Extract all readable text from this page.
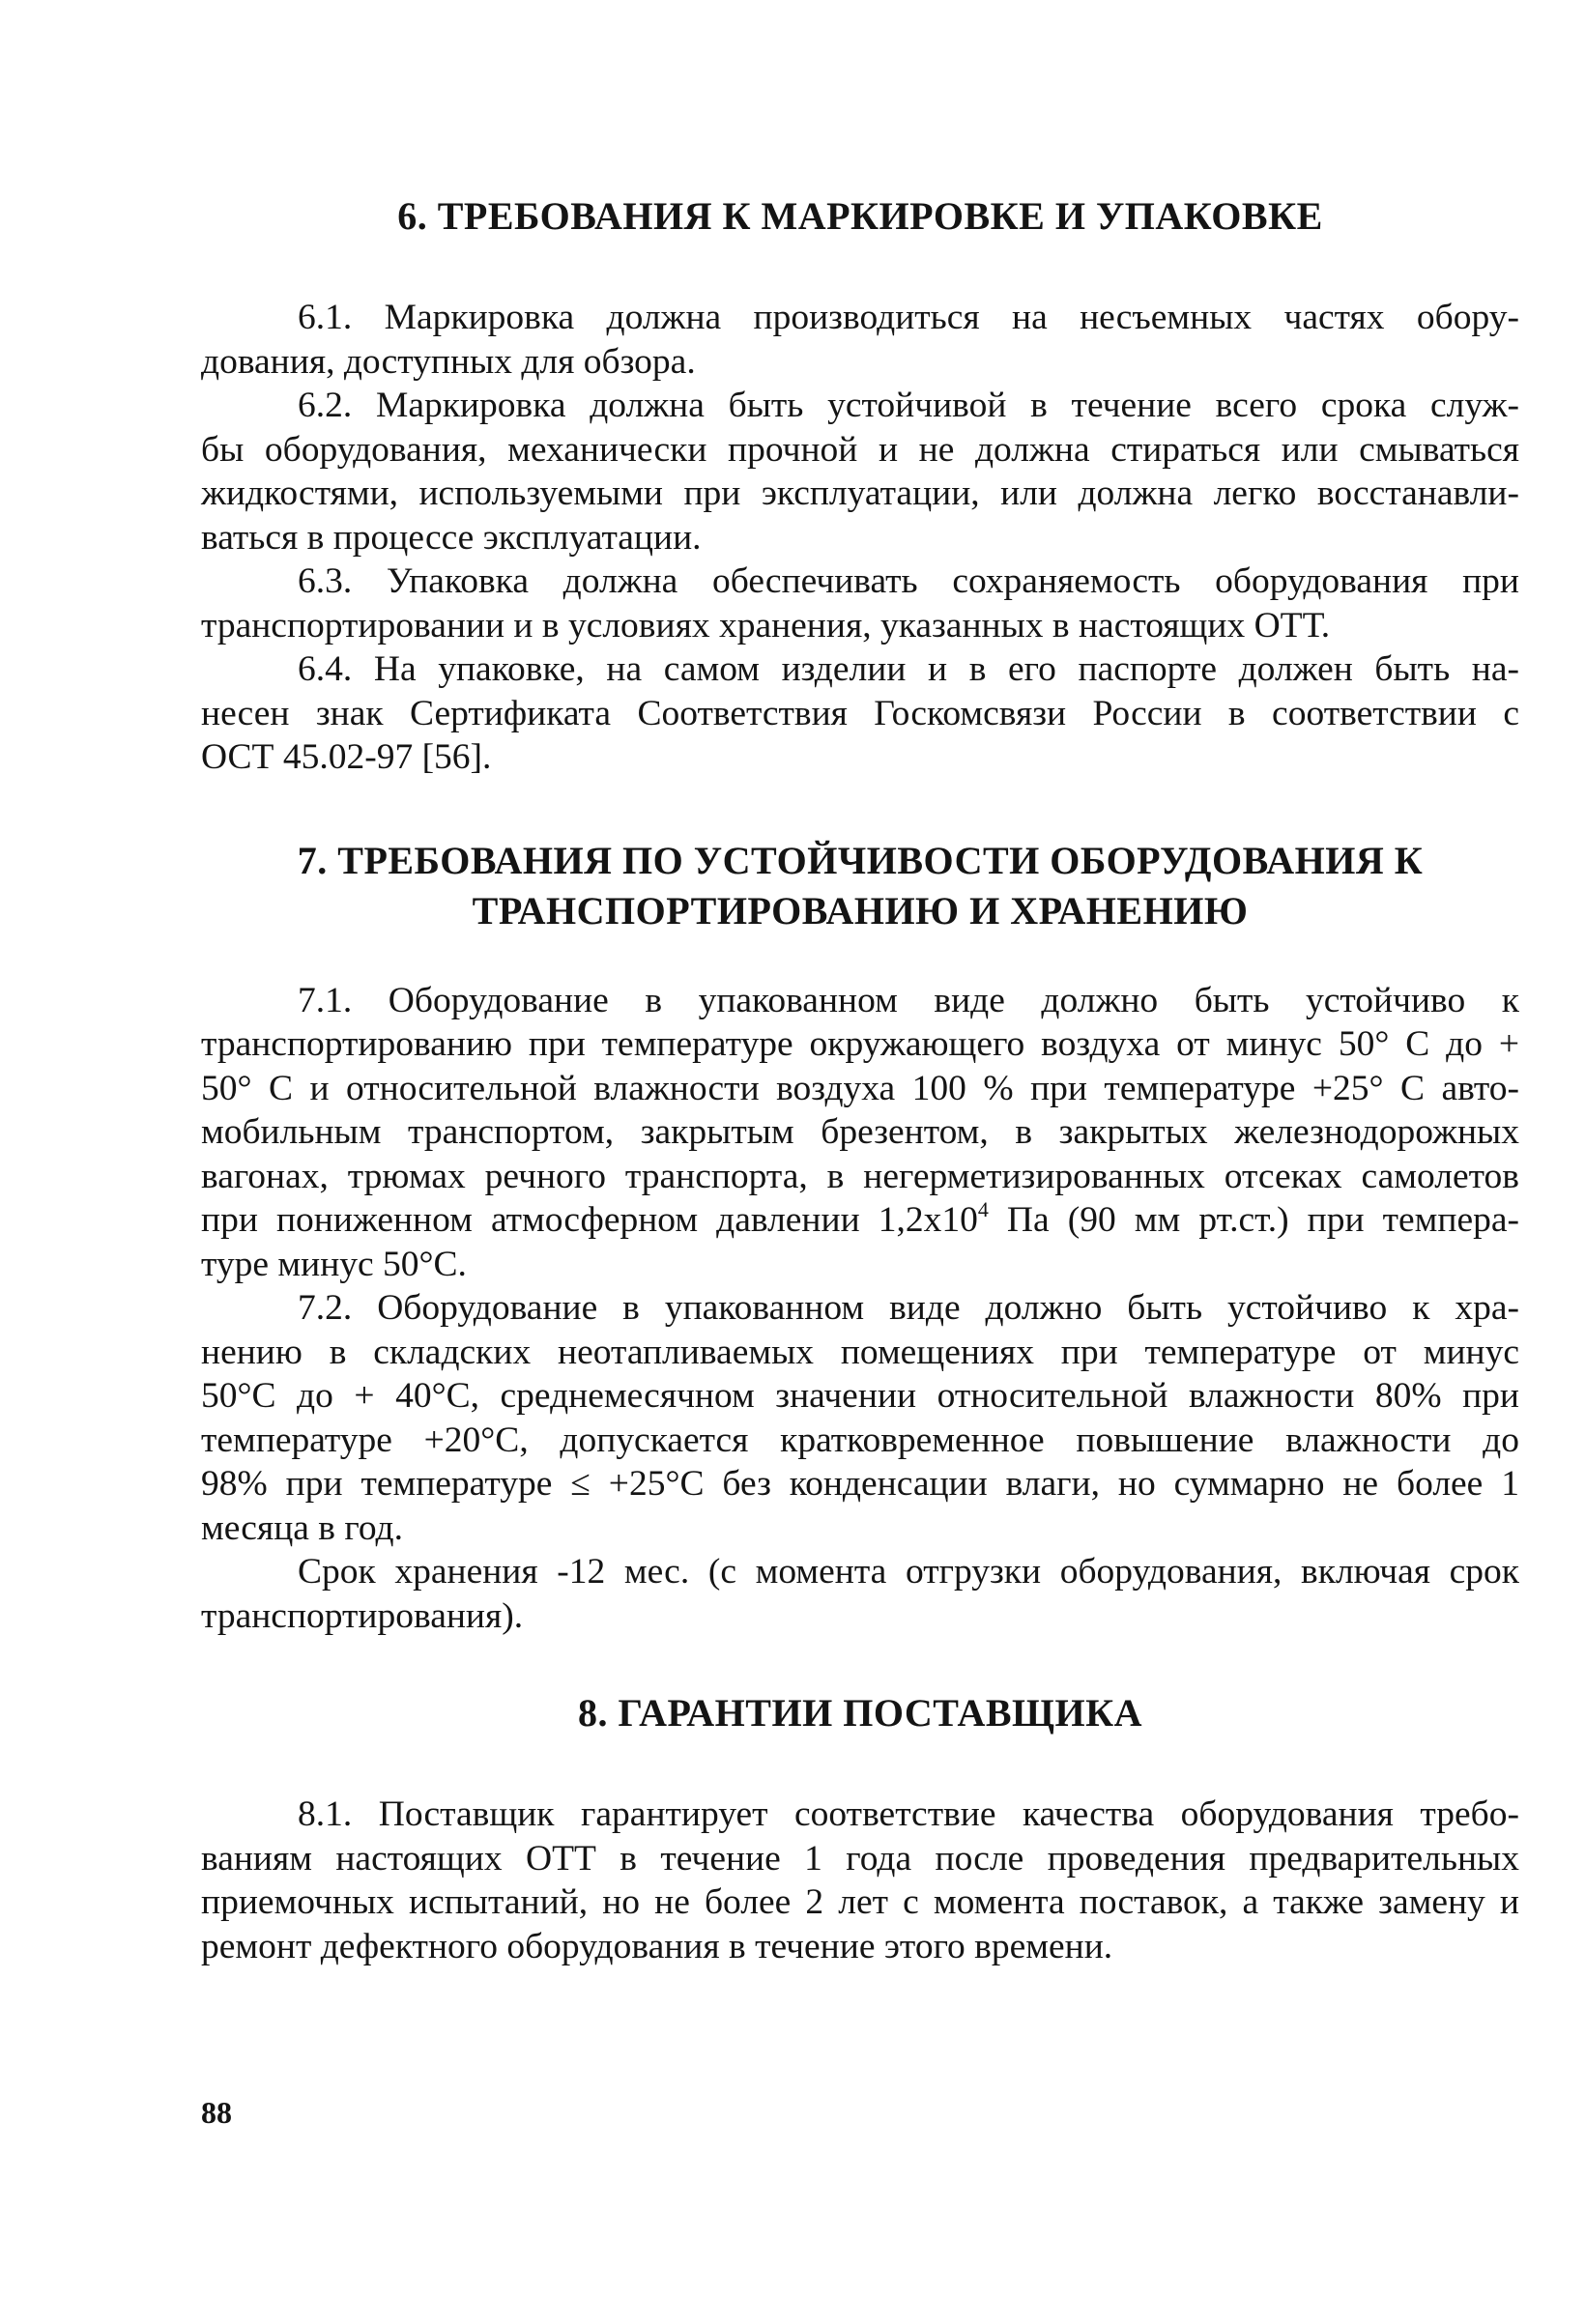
6. ТРЕБОВАНИЯ К МАРКИРОВКЕ И УПАКОВКЕ

6.1. Маркировка должна производиться на несъемных частях обору-
дования, доступных для обзора.

6.2. Маркировка должна быть устойчивой в течение всего срока служ-
бы оборудования, механически прочной и не должна стираться или смываться
жидкостями, используемыми при эксплуатации, или должна легко восстанавли-
ваться в процессе эксплуатации.

6.3. Упаковка должна обеспечивать сохраняемость оборудования при
транспортировании и в условиях хранения, указанных в настоящих ОТТ.

6.4. На упаковке, на самом изделии и в его паспорте должен быть на-
несен знак Сертификата Соответствия Госкомсвязи России в соответствии с
ОСТ 45.02-97 [56].

7. ТРЕБОВАНИЯ ПО УСТОЙЧИВОСТИ ОБОРУДОВАНИЯ К
ТРАНСПОРТИРОВАНИЮ И ХРАНЕНИЮ

7.1. Оборудование в упакованном виде должно быть устойчиво к
транспортированию при температуре окружающего воздуха от минус 50° С до +
50° С и относительной влажности воздуха 100 % при температуре +25° С авто-
мобильным транспортом, закрытым брезентом, в закрытых железнодорожных
вагонах, трюмах речного транспорта, в негерметизированных отсеках самолетов
при пониженном атмосферном давлении $1,2x10^4$ Па (90 мм рт.ст.) при темпера-
туре минус 50°С.

7.2. Оборудование в упакованном виде должно быть устойчиво к хра-
нению в складских неотапливаемых помещениях при температуре от минус
50°С до + 40°С, среднемесячном значении относительной влажности 80% при
температуре +20°С, допускается кратковременное повышение влажности до
98% при температуре ≤ +25°С без конденсации влаги, но суммарно не более 1
месяца в год.

Срок хранения -12 мес. (с момента отгрузки оборудования, включая срок
транспортирования).

8. ГАРАНТИИ ПОСТАВЩИКА

8.1. Поставщик гарантирует соответствие качества оборудования требо-
ваниям настоящих ОТТ в течение 1 года после проведения предварительных
приемочных испытаний, но не более 2 лет с момента поставок, а также замену и
ремонт дефектного оборудования в течение этого времени.

88
